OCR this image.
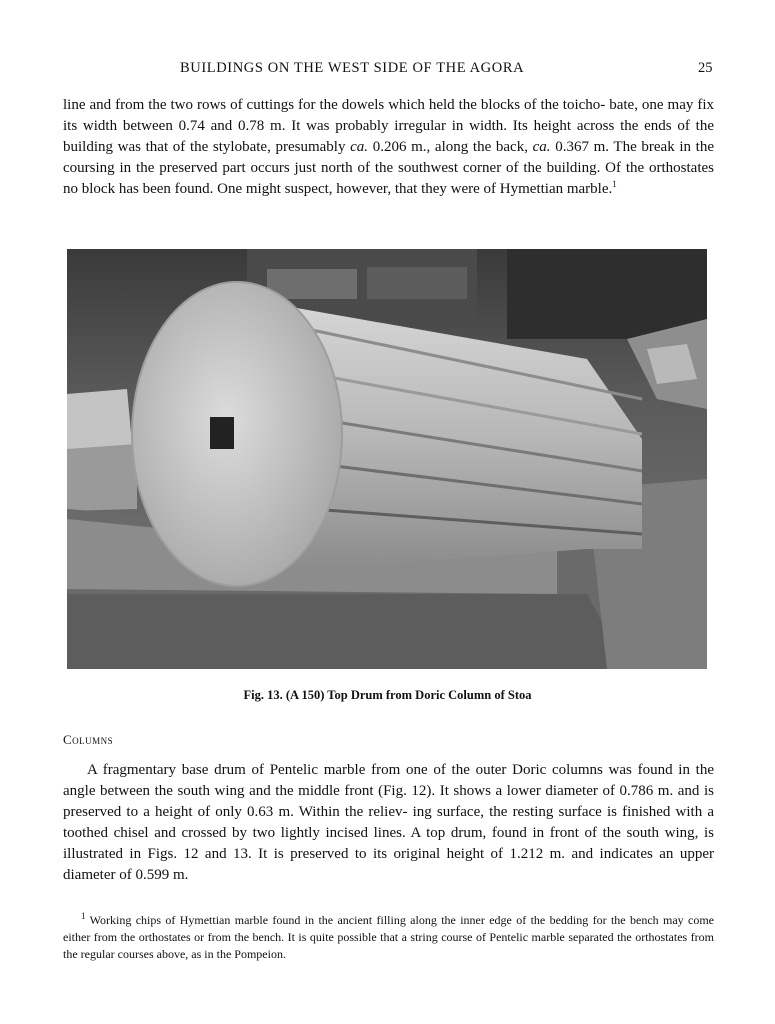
BUILDINGS ON THE WEST SIDE OF THE AGORA	25

line and from the two rows of cuttings for the dowels which held the blocks of the toicho- bate, one may fix its width between 0.74 and 0.78 m. It was probably irregular in width. Its height across the ends of the building was that of the stylobate, presumably ca. 0.206 m., along the back, ca. 0.367 m. The break in the coursing in the preserved part occurs just north of the southwest corner of the building. Of the orthostates no block has been found. One might suspect, however, that they were of Hymettian marble.$^1$

Fig. 13. (A 150) Top Drum from Doric Column of Stoa
Columns

A fragmentary base drum of Pentelic marble from one of the outer Doric columns was found in the angle between the south wing and the middle front (Fig. 12). It shows a lower diameter of 0.786 m. and is preserved to a height of only 0.63 m. Within the reliev- ing surface, the resting surface is finished with a toothed chisel and crossed by two lightly incised lines. A top drum, found in front of the south wing, is illustrated in Figs. 12 and 13. It is preserved to its original height of 1.212 m. and indicates an upper diameter of 0.599 m.

$^1$ Working chips of Hymettian marble found in the ancient filling along the inner edge of the bedding for the bench may come either from the orthostates or from the bench. It is quite possible that a string course of Pentelic marble separated the orthostates from the regular courses above, as in the Pompeion.
